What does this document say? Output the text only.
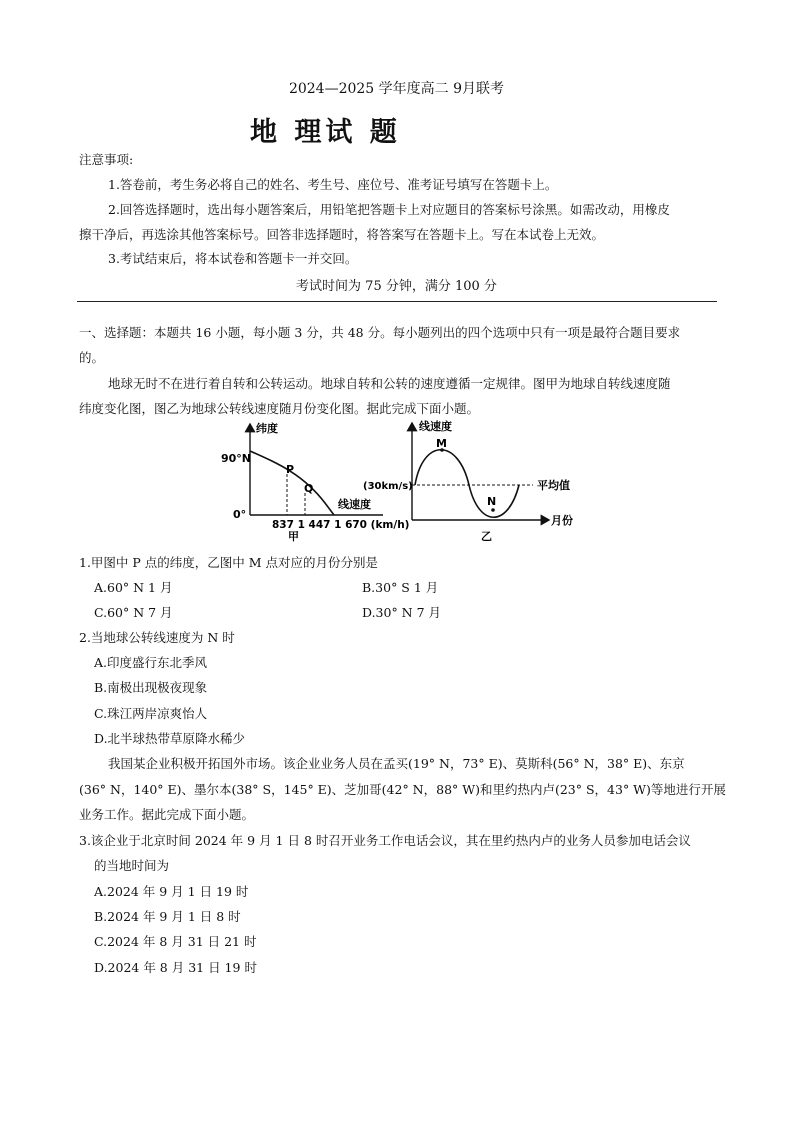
2024—2025 学年度高二 9月联考
地 理试 题
注意事项:
1.答卷前，考生务必将自己的姓名、考生号、座位号、准考证号填写在答题卡上。
2.回答选择题时，选出每小题答案后，用铅笔把答题卡上对应题目的答案标号涂黑。如需改动，用橡皮
擦干净后，再选涂其他答案标号。回答非选择题时，将答案写在答题卡上。写在本试卷上无效。
3.考试结束后，将本试卷和答题卡一并交回。
考试时间为 75 分钟，满分 100 分
一、选择题：本题共 16 小题，每小题 3 分，共 48 分。每小题列出的四个选项中只有一项是最符合题目要求
的。
地球无时不在进行着自转和公转运动。地球自转和公转的速度遵循一定规律。图甲为地球自转线速度随
纬度变化图，图乙为地球公转线速度随月份变化图。据此完成下面小题。
纬度
90°N
0°
P
Q
线速度
837 1 447 1 670 (km/h)
甲
线速度
(30km/s)
M
N
平均值
月份
乙
1.甲图中 P 点的纬度，乙图中 M 点对应的月份分别是
A.60° N 1 月	B.30° S 1 月
C.60° N 7 月	D.30° N 7 月
2.当地球公转线速度为 N 时
A.印度盛行东北季风
B.南极出现极夜现象
C.珠江两岸凉爽怡人
D.北半球热带草原降水稀少
我国某企业积极开拓国外市场。该企业业务人员在孟买(19° N，73° E)、莫斯科(56° N，38° E)、东京
(36° N，140° E)、墨尔本(38° S，145° E)、芝加哥(42° N，88° W)和里约热内卢(23° S，43° W)等地进行开展
业务工作。据此完成下面小题。
3.该企业于北京时间 2024 年 9 月 1 日 8 时召开业务工作电话会议，其在里约热内卢的业务人员参加电话会议
的当地时间为
A.2024 年 9 月 1 日 19 时
B.2024 年 9 月 1 日 8 时
C.2024 年 8 月 31 日 21 时
D.2024 年 8 月 31 日 19 时
